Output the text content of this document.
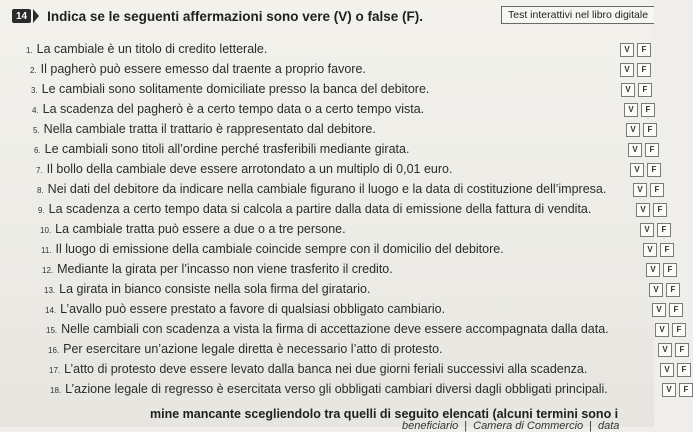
14 Indica se le seguenti affermazioni sono vere (V) o false (F).	Test interattivi nel libro digitale
1. La cambiale è un titolo di credito letterale.	V	F
2. Il pagherò può essere emesso dal traente a proprio favore.	V	F
3. Le cambiali sono solitamente domiciliate presso la banca del debitore.	V	F
4. La scadenza del pagherò è a certo tempo data o a certo tempo vista.	V	F
5. Nella cambiale tratta il trattario è rappresentato dal debitore.	V	F
6. Le cambiali sono titoli all’ordine perché trasferibili mediante girata.	V	F
7. Il bollo della cambiale deve essere arrotondato a un multiplo di 0,01 euro.	V	F
8. Nei dati del debitore da indicare nella cambiale figurano il luogo e la data di costituzione dell’impresa.	V	F
9. La scadenza a certo tempo data si calcola a partire dalla data di emissione della fattura di vendita.	V	F
10. La cambiale tratta può essere a due o a tre persone.	V	F
11. Il luogo di emissione della cambiale coincide sempre con il domicilio del debitore.	V	F
12. Mediante la girata per l’incasso non viene trasferito il credito.	V	F
13. La girata in bianco consiste nella sola firma del giratario.	V	F
14. L’avallo può essere prestato a favore di qualsiasi obbligato cambiario.	V	F
15. Nelle cambiali con scadenza a vista la firma di accettazione deve essere accompagnata dalla data.	V	F
16. Per esercitare un’azione legale diretta è necessario l’atto di protesto.	V	F
17. L’atto di protesto deve essere levato dalla banca nei due giorni feriali successivi alla scadenza.	V	F
18. L’azione legale di regresso è esercitata verso gli obbligati cambiari diversi dagli obbligati principali.	V	F
mine mancante scegliendolo tra quelli di seguito elencati (alcuni termini sono i
beneficiario | Camera di Commercio | data
